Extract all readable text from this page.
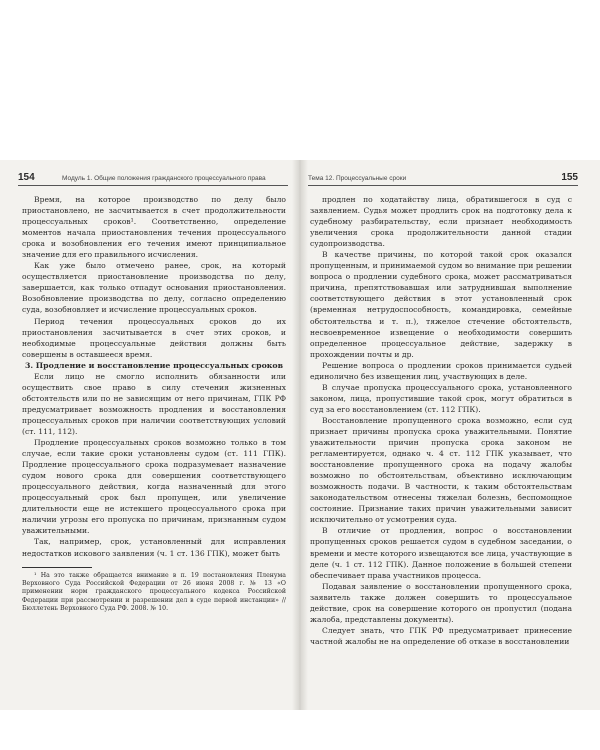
154	Модуль 1. Общие положения гражданского процессуального права

Время, на которое производство по делу было приостановлено, не засчитывается в счет продолжительности процессуальных сроков¹. Соответственно, определение моментов начала приостановления течения процессуального срока и возобновления его течения имеют принципиальное значение для его правильного исчисления.

Как уже было отмечено ранее, срок, на который осуществляется приостановление производства по делу, завершается, как только отпадут основания приостановления. Возобновление производства по делу, согласно определению суда, возобновляет и исчисление процессуальных сроков.

Период течения процессуальных сроков до их приостановления засчитывается в счет этих сроков, и необходимые процессуальные действия должны быть совершены в оставшееся время.

3. Продление и восстановление процессуальных сроков

Если лицо не смогло исполнить обязанности или осуществить свое право в силу стечения жизненных обстоятельств или по не зависящим от него причинам, ГПК РФ предусматривает возможность продления и восстановления процессуальных сроков при наличии соответствующих условий (ст. 111, 112).

Продление процессуальных сроков возможно только в том случае, если такие сроки установлены судом (ст. 111 ГПК). Продление процессуального срока подразумевает назначение судом нового срока для совершения соответствующего процессуального действия, когда назначенный для этого процессуальный срок был пропущен, или увеличение длительности еще не истекшего процессуального срока при наличии угрозы его пропуска по причинам, признанным судом уважительными.

Так, например, срок, установленный для исправления недостатков искового заявления (ч. 1 ст. 136 ГПК), может быть

¹ На это также обращается внимание в п. 19 постановления Пленума Верховного Суда Российской Федерации от 26 июня 2008 г. № 13 «О применении норм гражданского процессуального кодекса Российской Федерации при рассмотрении и разрешении дел в суде первой инстанции» // Бюллетень Верховного Суда РФ. 2008. № 10.

Тема 12. Процессуальные сроки	155

продлен по ходатайству лица, обратившегося в суд с заявлением. Судья может продлить срок на подготовку дела к судебному разбирательству, если признает необходимость увеличения срока продолжительности данной стадии судопроизводства.

В качестве причины, по которой такой срок оказался пропущенным, и принимаемой судом во внимание при решении вопроса о продлении судебного срока, может рассматриваться причина, препятствовавшая или затруднившая выполнение соответствующего действия в этот установленный срок (временная нетрудоспособность, командировка, семейные обстоятельства и т. п.), тяжелое стечение обстоятельств, несвоевременное извещение о необходимости совершить определенное процессуальное действие, задержку в прохождении почты и др.

Решение вопроса о продлении сроков принимается судьей единолично без извещения лиц, участвующих в деле.

В случае пропуска процессуального срока, установленного законом, лица, пропустившие такой срок, могут обратиться в суд за его восстановлением (ст. 112 ГПК).

Восстановление пропущенного срока возможно, если суд признает причины пропуска срока уважительными. Понятие уважительности причин пропуска срока законом не регламентируется, однако ч. 4 ст. 112 ГПК указывает, что восстановление пропущенного срока на подачу жалобы возможно по обстоятельствам, объективно исключающим возможность подачи. В частности, к таким обстоятельствам законодательством отнесены тяжелая болезнь, беспомощное состояние. Признание таких причин уважительными зависит исключительно от усмотрения суда.

В отличие от продления, вопрос о восстановлении пропущенных сроков решается судом в судебном заседании, о времени и месте которого извещаются все лица, участвующие в деле (ч. 1 ст. 112 ГПК). Данное положение в большей степени обеспечивает права участников процесса.

Подавая заявление о восстановлении пропущенного срока, заявитель также должен совершить то процессуальное действие, срок на совершение которого он пропустил (подана жалоба, представлены документы).

Следует знать, что ГПК РФ предусматривает принесение частной жалобы не на определение об отказе в восстановлении
